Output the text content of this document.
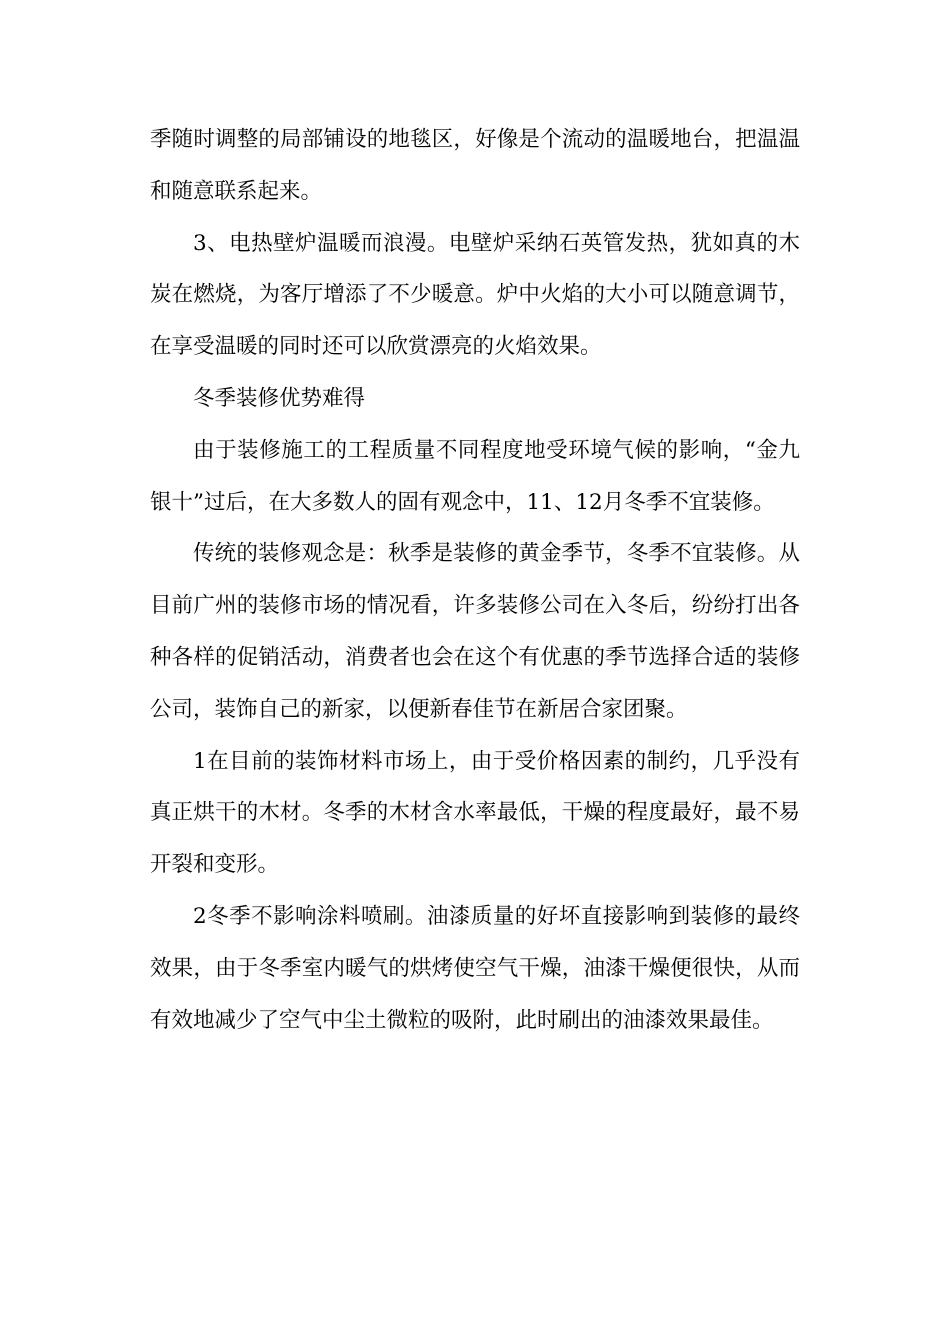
季随时调整的局部铺设的地毯区，好像是个流动的温暖地台，把温温和随意联系起来。

3、电热壁炉温暖而浪漫。电壁炉采纳石英管发热，犹如真的木炭在燃烧，为客厅增添了不少暖意。炉中火焰的大小可以随意调节，在享受温暖的同时还可以欣赏漂亮的火焰效果。

冬季装修优势难得

由于装修施工的工程质量不同程度地受环境气候的影响，“金九银十”过后，在大多数人的固有观念中，11、12月冬季不宜装修。

传统的装修观念是：秋季是装修的黄金季节，冬季不宜装修。从目前广州的装修市场的情况看，许多装修公司在入冬后，纷纷打出各种各样的促销活动，消费者也会在这个有优惠的季节选择合适的装修公司，装饰自己的新家，以便新春佳节在新居合家团聚。

1在目前的装饰材料市场上，由于受价格因素的制约，几乎没有真正烘干的木材。冬季的木材含水率最低，干燥的程度最好，最不易开裂和变形。

2冬季不影响涂料喷刷。油漆质量的好坏直接影响到装修的最终效果，由于冬季室内暖气的烘烤使空气干燥，油漆干燥便很快，从而有效地减少了空气中尘土微粒的吸附，此时刷出的油漆效果最佳。
